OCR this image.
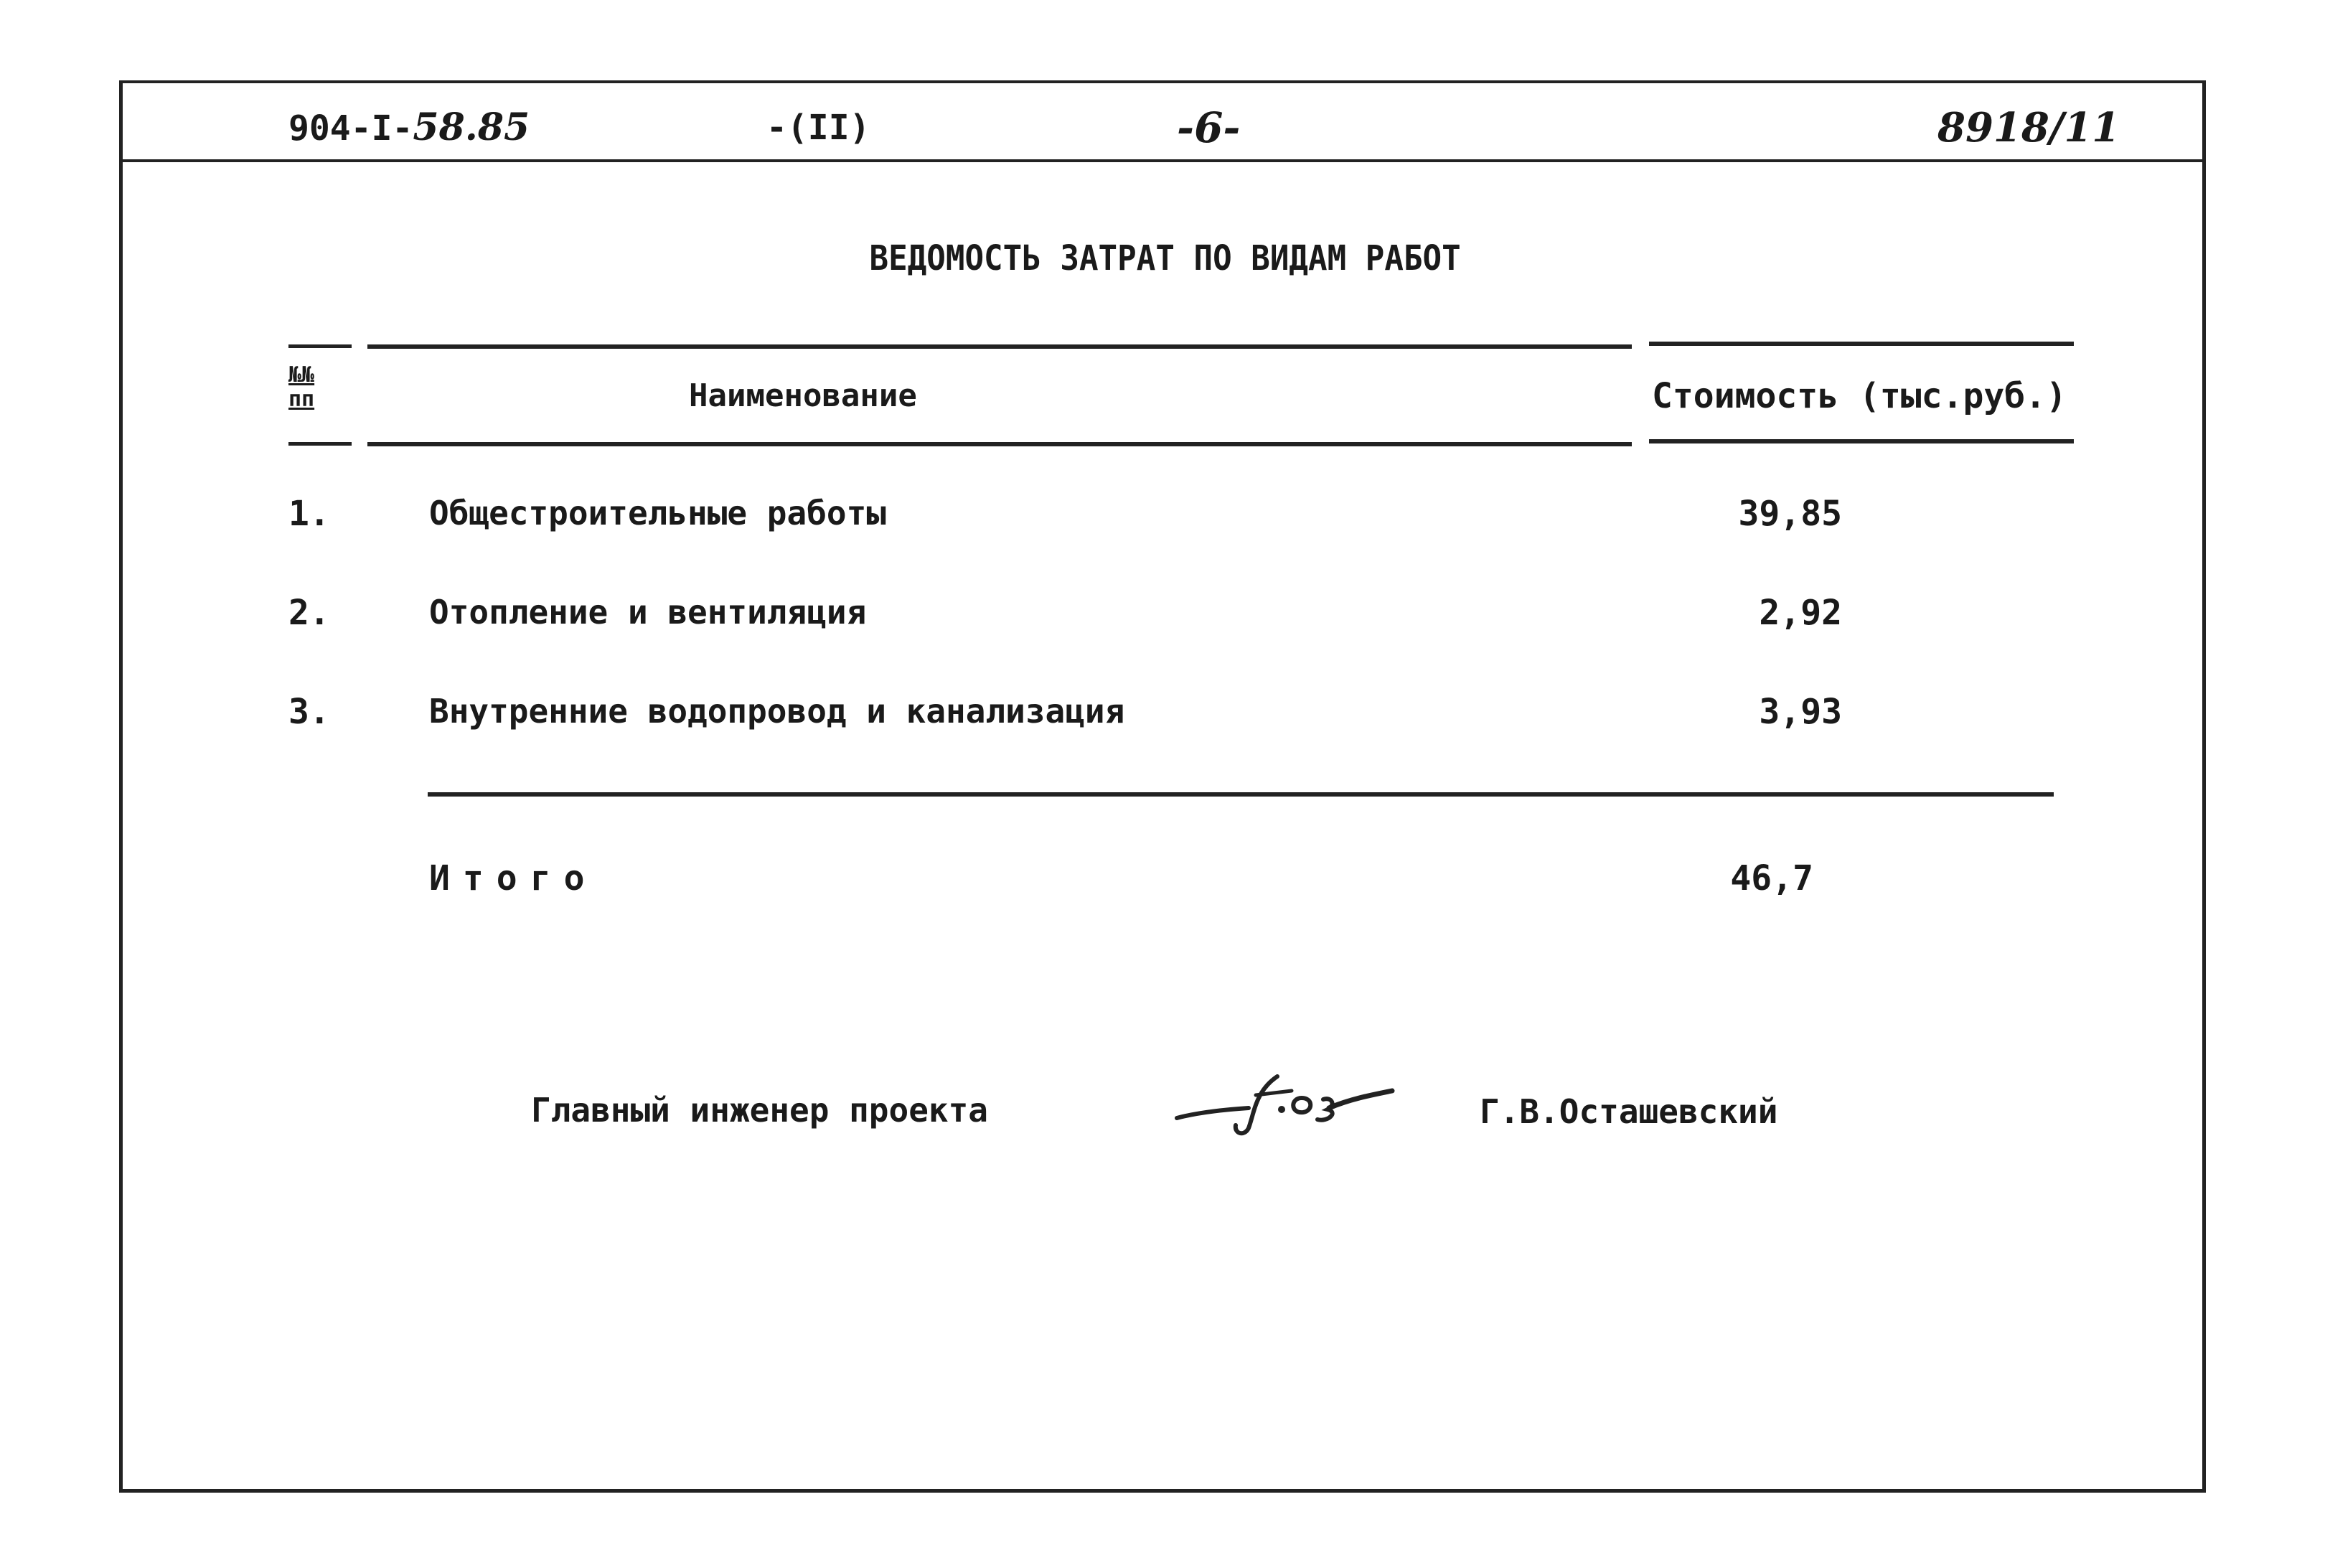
904-I-58.85	-(II)	-6-	8918/11
ВЕДОМОСТЬ ЗАТРАТ ПО ВИДАМ РАБОТ
№№ пп	Наименование	Стоимость (тыс.руб.)
1.	Общестроительные работы	39,85
2.	Отопление и вентиляция	2,92
3.	Внутренние водопровод и канализация	3,93
Итого	46,7
Главный инженер проекта	Г.В.Осташевский
